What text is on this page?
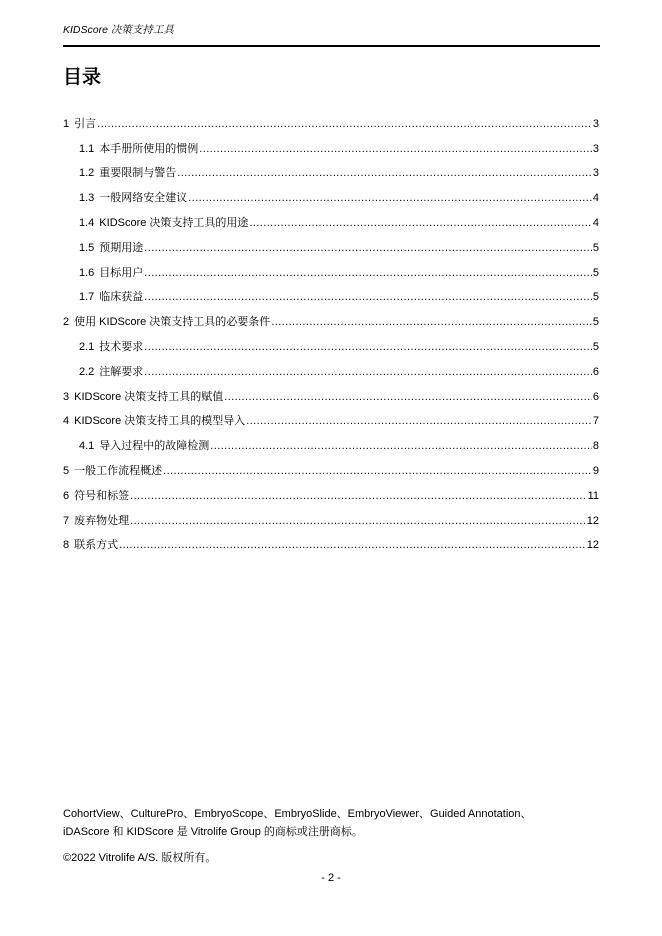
KIDScore 决策支持工具
目录
1 引言 .....	3
1.1 本手册所使用的惯例 .....	3
1.2 重要限制与警告 .....	3
1.3 一般网络安全建议 .....	4
1.4 KIDScore 决策支持工具的用途 .....	4
1.5 预期用途 .....	5
1.6 目标用户 .....	5
1.7 临床获益 .....	5
2 使用 KIDScore 决策支持工具的必要条件 .....	5
2.1 技术要求 .....	5
2.2 注解要求 .....	6
3 KIDScore 决策支持工具的赋值 .....	6
4 KIDScore 决策支持工具的模型导入 .....	7
4.1 导入过程中的故障检测 .....	8
5 一般工作流程概述 .....	9
6 符号和标签 .....	11
7 废弃物处理 .....	12
8 联系方式 .....	12
CohortView、CulturePro、EmbryoScope、EmbryoSlide、EmbryoViewer、Guided Annotation、
iDAScore 和 KIDScore 是 Vitrolife Group 的商标或注册商标。
©2022 Vitrolife A/S. 版权所有。
- 2 -
